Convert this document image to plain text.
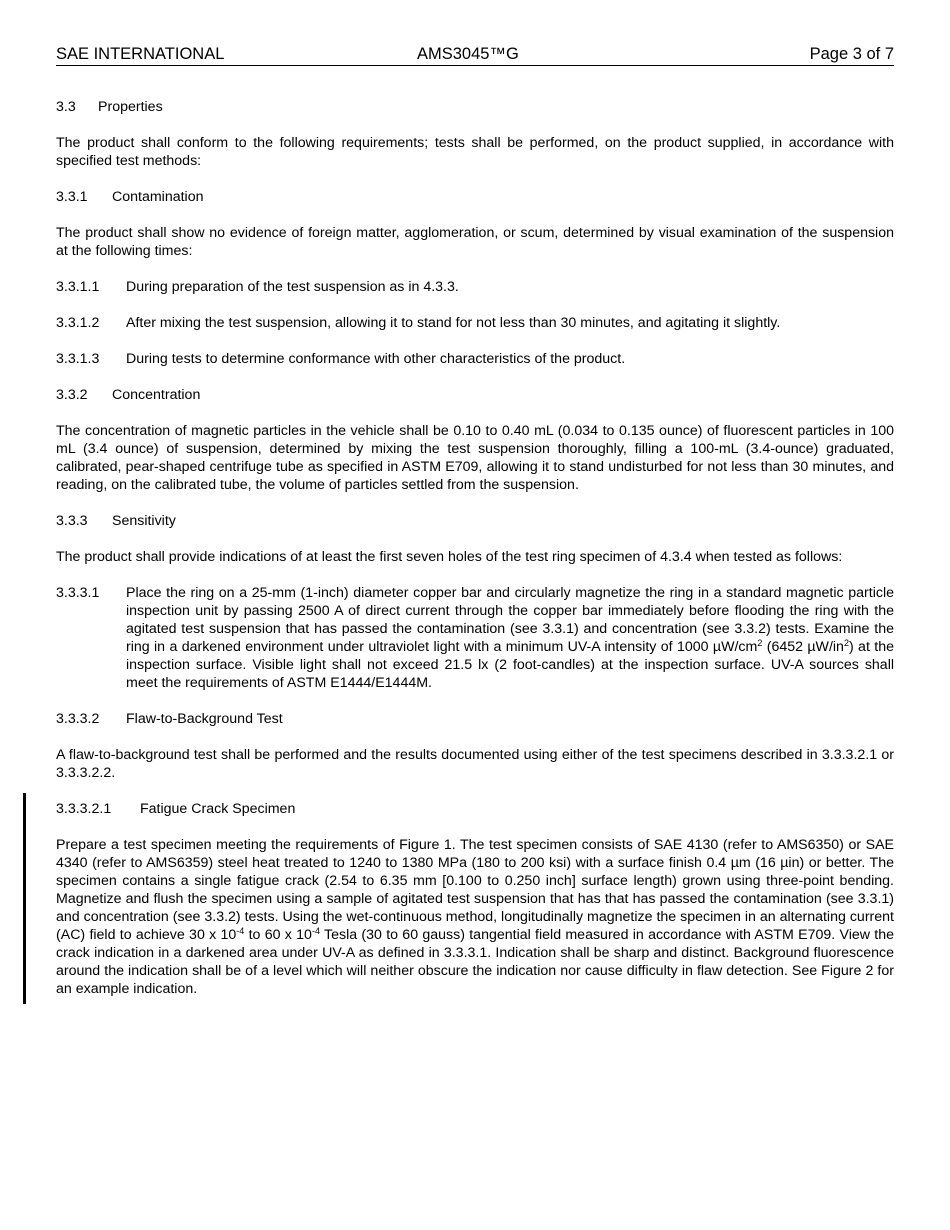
SAE INTERNATIONAL	AMS3045™G	Page 3 of 7

3.3 Properties

The product shall conform to the following requirements; tests shall be performed, on the product supplied, in accordance with specified test methods:

3.3.1 Contamination

The product shall show no evidence of foreign matter, agglomeration, or scum, determined by visual examination of the suspension at the following times:

3.3.1.1 During preparation of the test suspension as in 4.3.3.

3.3.1.2 After mixing the test suspension, allowing it to stand for not less than 30 minutes, and agitating it slightly.

3.3.1.3 During tests to determine conformance with other characteristics of the product.

3.3.2 Concentration

The concentration of magnetic particles in the vehicle shall be 0.10 to 0.40 mL (0.034 to 0.135 ounce) of fluorescent particles in 100 mL (3.4 ounce) of suspension, determined by mixing the test suspension thoroughly, filling a 100-mL (3.4-ounce) graduated, calibrated, pear-shaped centrifuge tube as specified in ASTM E709, allowing it to stand undisturbed for not less than 30 minutes, and reading, on the calibrated tube, the volume of particles settled from the suspension.

3.3.3 Sensitivity

The product shall provide indications of at least the first seven holes of the test ring specimen of 4.3.4 when tested as follows:

3.3.3.1	Place the ring on a 25-mm (1-inch) diameter copper bar and circularly magnetize the ring in a standard magnetic particle inspection unit by passing 2500 A of direct current through the copper bar immediately before flooding the ring with the agitated test suspension that has passed the contamination (see 3.3.1) and concentration (see 3.3.2) tests. Examine the ring in a darkened environment under ultraviolet light with a minimum UV-A intensity of 1000 $\mu W/cm^2$ (6452 $\mu W/in^2$) at the inspection surface. Visible light shall not exceed 21.5 lx (2 foot-candles) at the inspection surface. UV-A sources shall meet the requirements of ASTM E1444/E1444M.

3.3.3.2 Flaw-to-Background Test

A flaw-to-background test shall be performed and the results documented using either of the test specimens described in 3.3.3.2.1 or 3.3.3.2.2.

3.3.3.2.1 Fatigue Crack Specimen

Prepare a test specimen meeting the requirements of Figure 1. The test specimen consists of SAE 4130 (refer to AMS6350) or SAE 4340 (refer to AMS6359) steel heat treated to 1240 to 1380 MPa (180 to 200 ksi) with a surface finish 0.4 µm (16 µin) or better. The specimen contains a single fatigue crack (2.54 to 6.35 mm [0.100 to 0.250 inch] surface length) grown using three-point bending. Magnetize and flush the specimen using a sample of agitated test suspension that has that has passed the contamination (see 3.3.1) and concentration (see 3.3.2) tests. Using the wet-continuous method, longitudinally magnetize the specimen in an alternating current (AC) field to achieve 30 x $10^{-4}$ to 60 x $10^{-4}$ Tesla (30 to 60 gauss) tangential field measured in accordance with ASTM E709. View the crack indication in a darkened area under UV-A as defined in 3.3.3.1. Indication shall be sharp and distinct. Background fluorescence around the indication shall be of a level which will neither obscure the indication nor cause difficulty in flaw detection. See Figure 2 for an example indication.
